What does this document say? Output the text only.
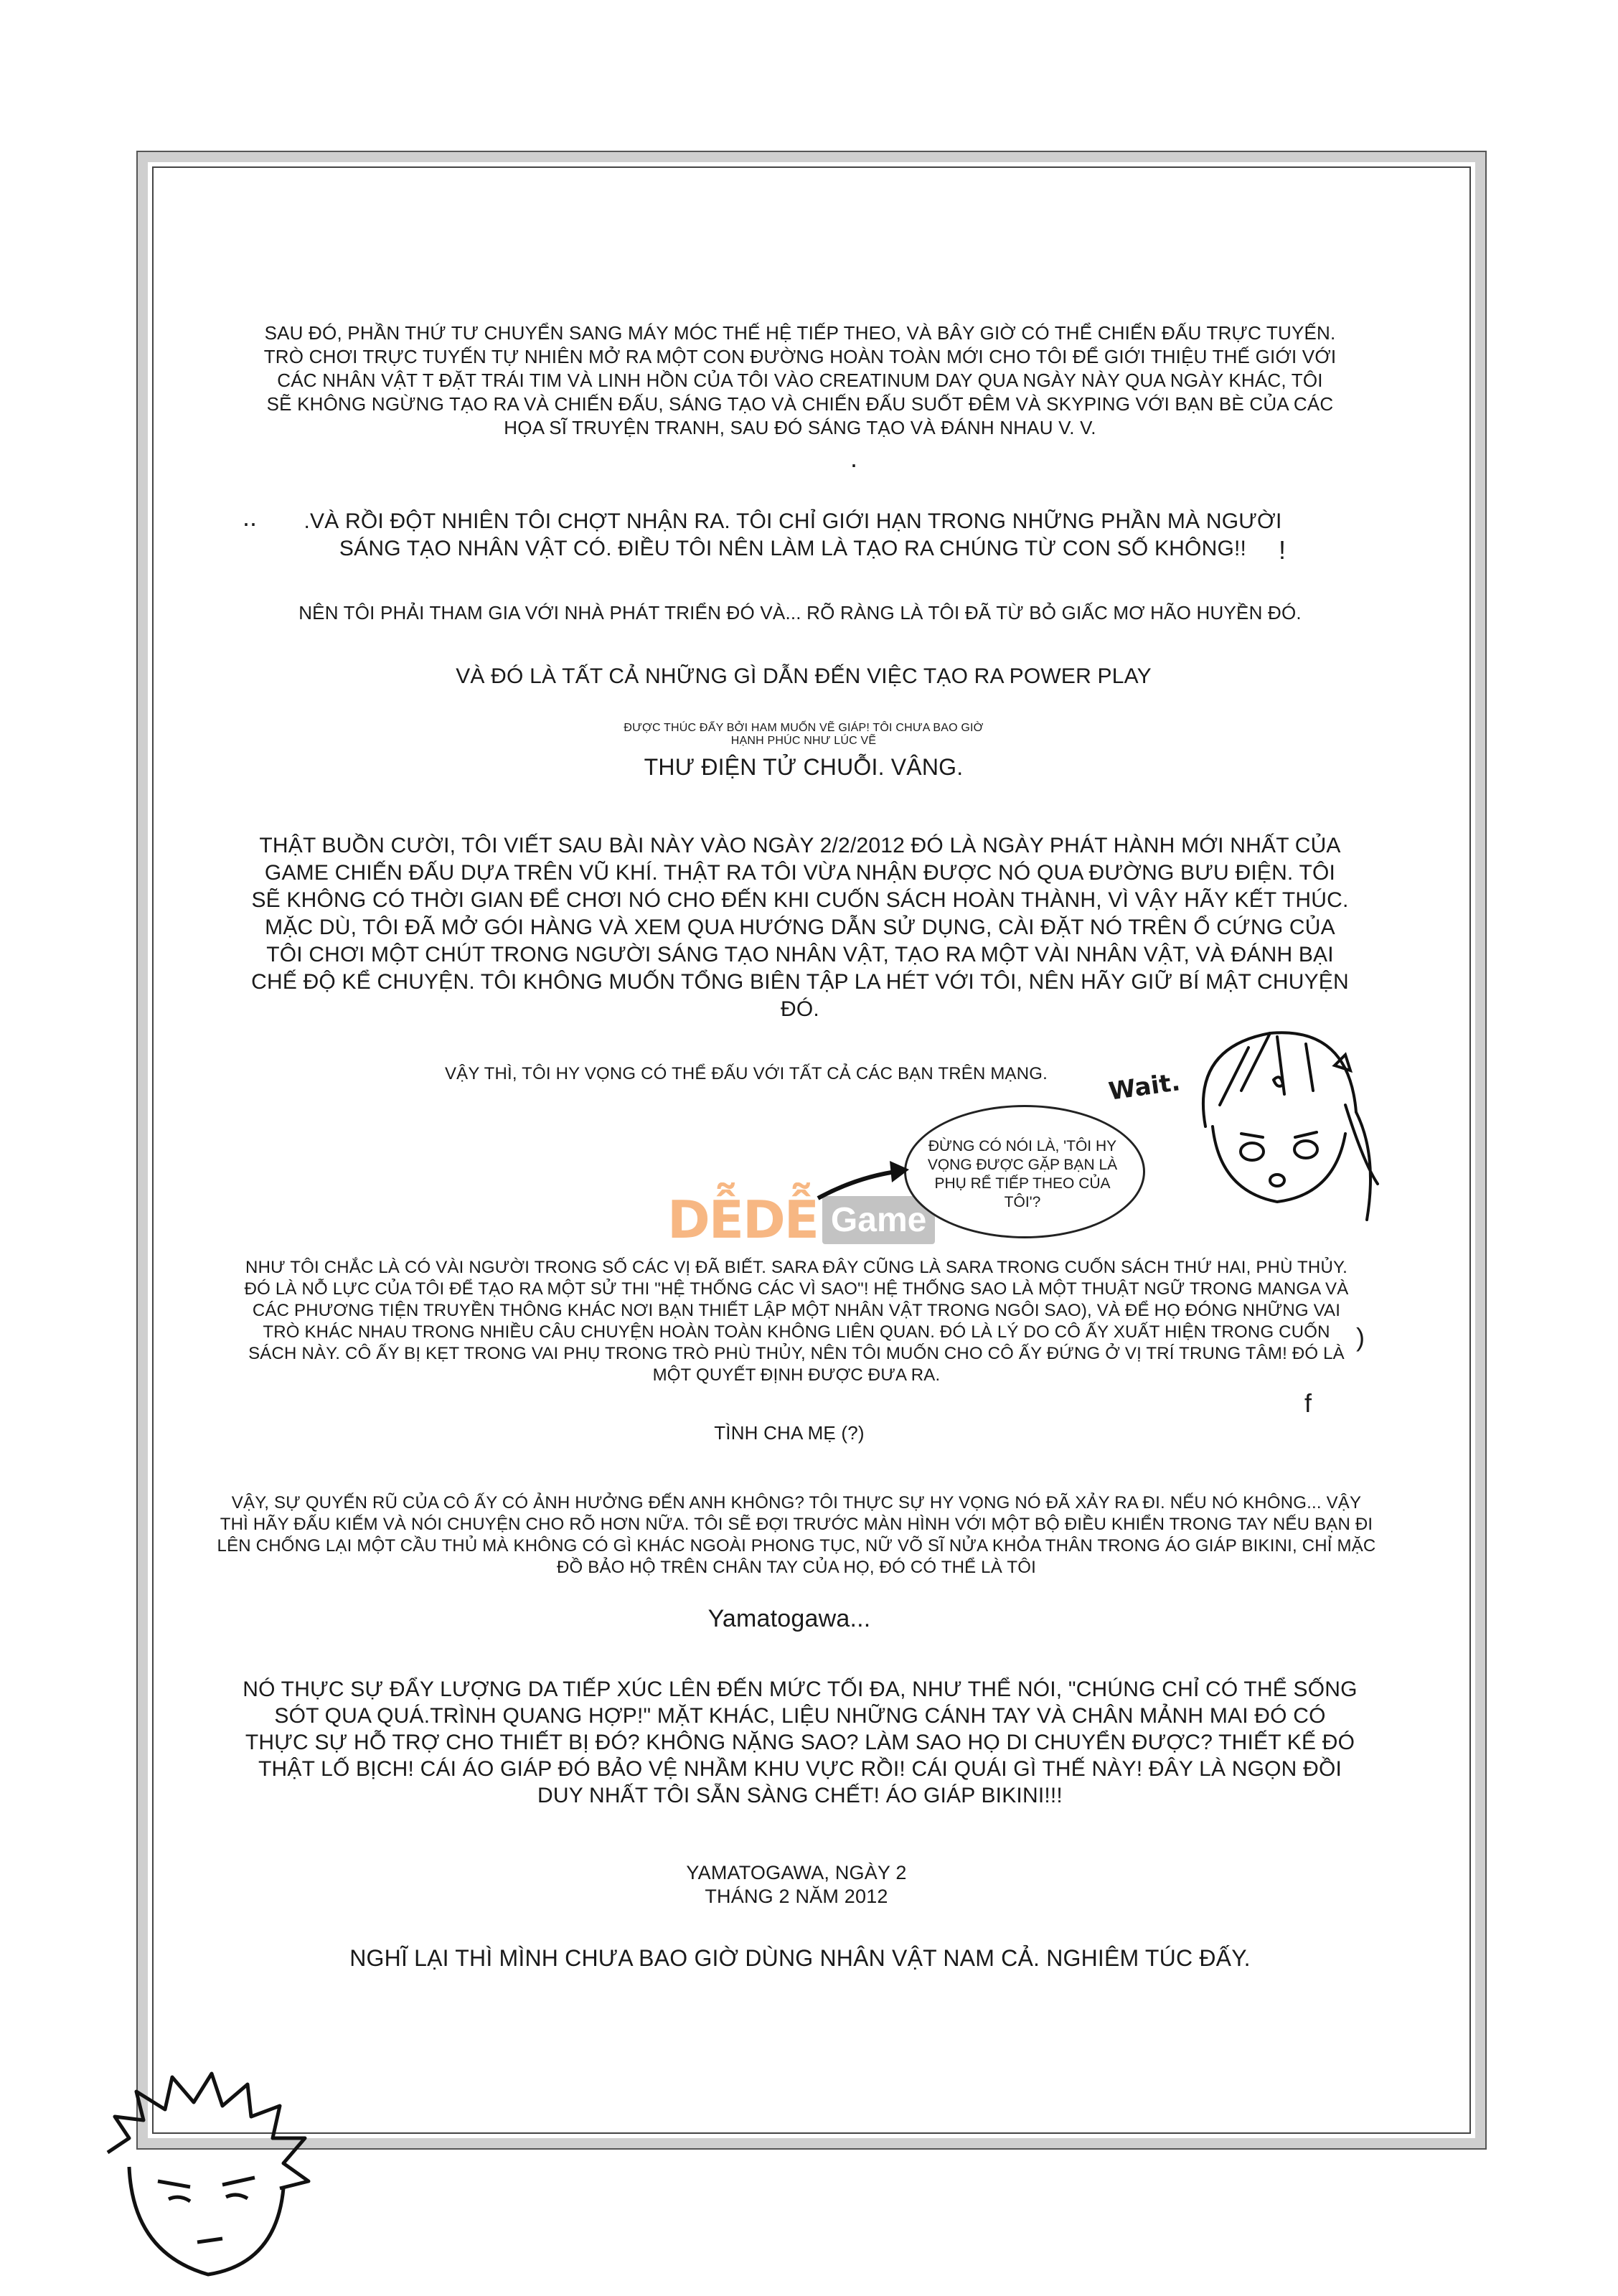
SAU ĐÓ, PHẦN THỨ TƯ CHUYỂN SANG MÁY MÓC THẾ HỆ TIẾP THEO, VÀ BÂY GIỜ CÓ THỂ CHIẾN ĐẤU TRỰC TUYẾN.
TRÒ CHƠI TRỰC TUYẾN TỰ NHIÊN MỞ RA MỘT CON ĐƯỜNG HOÀN TOÀN MỚI CHO TÔI ĐỂ GIỚI THIỆU THẾ GIỚI VỚI
CÁC NHÂN VẬT T ĐẶT TRÁI TIM VÀ LINH HỒN CỦA TÔI VÀO CREATINUM DAY QUA NGÀY NÀY QUA NGÀY KHÁC, TÔI
SẼ KHÔNG NGỪNG TẠO RA VÀ CHIẾN ĐẤU, SÁNG TẠO VÀ CHIẾN ĐẤU SUỐT ĐÊM VÀ SKYPING VỚI BẠN BÈ CỦA CÁC
HỌA SĨ TRUYỆN TRANH, SAU ĐÓ SÁNG TẠO VÀ ĐÁNH NHAU V. V.
.VÀ RỒI ĐỘT NHIÊN TÔI CHỢT NHẬN RA. TÔI CHỈ GIỚI HẠN TRONG NHỮNG PHẦN MÀ NGƯỜI
SÁNG TẠO NHÂN VẬT CÓ. ĐIỀU TÔI NÊN LÀM LÀ TẠO RA CHÚNG TỪ CON SỐ KHÔNG!!
NÊN TÔI PHẢI THAM GIA VỚI NHÀ PHÁT TRIỂN ĐÓ VÀ... RÕ RÀNG LÀ TÔI ĐÃ TỪ BỎ GIẤC MƠ HÃO HUYỀN ĐÓ.
VÀ ĐÓ LÀ TẤT CẢ NHỮNG GÌ DẪN ĐẾN VIỆC TẠO RA POWER PLAY
ĐƯỢC THÚC ĐẨY BỞI HAM MUỐN VẼ GIÁP! TÔI CHƯA BAO GIỜ
HẠNH PHÚC NHƯ LÚC VẼ
THƯ ĐIỆN TỬ CHUỖI. VÂNG.
THẬT BUỒN CƯỜI, TÔI VIẾT SAU BÀI NÀY VÀO NGÀY 2/2/2012 ĐÓ LÀ NGÀY PHÁT HÀNH MỚI NHẤT CỦA
GAME CHIẾN ĐẤU DỰA TRÊN VŨ KHÍ. THẬT RA TÔI VỪA NHẬN ĐƯỢC NÓ QUA ĐƯỜNG BƯU ĐIỆN. TÔI
SẼ KHÔNG CÓ THỜI GIAN ĐỂ CHƠI NÓ CHO ĐẾN KHI CUỐN SÁCH HOÀN THÀNH, VÌ VẬY HÃY KẾT THÚC.
MẶC DÙ, TÔI ĐÃ MỞ GÓI HÀNG VÀ XEM QUA HƯỚNG DẪN SỬ DỤNG, CÀI ĐẶT NÓ TRÊN Ổ CỨNG CỦA
TÔI CHƠI MỘT CHÚT TRONG NGƯỜI SÁNG TẠO NHÂN VẬT, TẠO RA MỘT VÀI NHÂN VẬT, VÀ ĐÁNH BẠI
CHẾ ĐỘ KỂ CHUYỆN. TÔI KHÔNG MUỐN TỔNG BIÊN TẬP LA HÉT VỚI TÔI, NÊN HÃY GIỮ BÍ MẬT CHUYỆN
ĐÓ.
VẬY THÌ, TÔI HY VỌNG CÓ THỂ ĐẤU VỚI TẤT CẢ CÁC BẠN TRÊN MẠNG.
DỄDỄ Game
ĐỪNG CÓ NÓI LÀ, 'TÔI HY
VỌNG ĐƯỢC GẶP BẠN LÀ
PHỤ RỂ TIẾP THEO CỦA TÔI'?
Wait.
NHƯ TÔI CHẮC LÀ CÓ VÀI NGƯỜI TRONG SỐ CÁC VỊ ĐÃ BIẾT. SARA ĐÂY CŨNG LÀ SARA TRONG CUỐN SÁCH THỨ HAI, PHÙ THỦY.
ĐÓ LÀ NỖ LỰC CỦA TÔI ĐỂ TẠO RA MỘT SỬ THI "HỆ THỐNG CÁC VÌ SAO"! HỆ THỐNG SAO LÀ MỘT THUẬT NGỮ TRONG MANGA VÀ
CÁC PHƯƠNG TIỆN TRUYỀN THÔNG KHÁC NƠI BẠN THIẾT LẬP MỘT NHÂN VẬT TRONG NGÔI SAO), VÀ ĐỂ HỌ ĐÓNG NHỮNG VAI
TRÒ KHÁC NHAU TRONG NHIỀU CÂU CHUYỆN HOÀN TOÀN KHÔNG LIÊN QUAN. ĐÓ LÀ LÝ DO CÔ ẤY XUẤT HIỆN TRONG CUỐN
SÁCH NÀY. CÔ ẤY BỊ KẸT TRONG VAI PHỤ TRONG TRÒ PHÙ THỦY, NÊN TÔI MUỐN CHO CÔ ẤY ĐỨNG Ở VỊ TRÍ TRUNG TÂM! ĐÓ LÀ
MỘT QUYẾT ĐỊNH ĐƯỢC ĐƯA RA.
TÌNH CHA MẸ (?)
VẬY, SỰ QUYẾN RŨ CỦA CÔ ẤY CÓ ẢNH HƯỞNG ĐẾN ANH KHÔNG? TÔI THỰC SỰ HY VỌNG NÓ ĐÃ XẢY RA ĐI. NẾU NÓ KHÔNG... VẬY
THÌ HÃY ĐẤU KIẾM VÀ NÓI CHUYỆN CHO RÕ HƠN NỮA. TÔI SẼ ĐỢI TRƯỚC MÀN HÌNH VỚI MỘT BỘ ĐIỀU KHIỂN TRONG TAY NẾU BẠN ĐI
LÊN CHỐNG LẠI MỘT CẦU THỦ MÀ KHÔNG CÓ GÌ KHÁC NGOÀI PHONG TỤC, NỮ VÕ SĨ NỬA KHỎA THÂN TRONG ÁO GIÁP BIKINI, CHỈ MẶC
ĐỒ BẢO HỘ TRÊN CHÂN TAY CỦA HỌ, ĐÓ CÓ THỂ LÀ TÔI
Yamatogawa...
NÓ THỰC SỰ ĐẨY LƯỢNG DA TIẾP XÚC LÊN ĐẾN MỨC TỐI ĐA, NHƯ THỂ NÓI, "CHÚNG CHỈ CÓ THỂ SỐNG
SÓT QUA QUÁ.TRÌNH QUANG HỢP!" MẶT KHÁC, LIỆU NHỮNG CÁNH TAY VÀ CHÂN MẢNH MAI ĐÓ CÓ
THỰC SỰ HỖ TRỢ CHO THIẾT BỊ ĐÓ? KHÔNG NẶNG SAO? LÀM SAO HỌ DI CHUYỂN ĐƯỢC? THIẾT KẾ ĐÓ
THẬT LỐ BỊCH! CÁI ÁO GIÁP ĐÓ BẢO VỆ NHẦM KHU VỰC RỒI! CÁI QUÁI GÌ THẾ NÀY! ĐÂY LÀ NGỌN ĐỒI
DUY NHẤT TÔI SẴN SÀNG CHẾT! ÁO GIÁP BIKINI!!!
YAMATOGAWA, NGÀY 2
THÁNG 2 NĂM 2012
NGHĨ LẠI THÌ MÌNH CHƯA BAO GIỜ DÙNG NHÂN VẬT NAM CẢ. NGHIÊM TÚC ĐẤY.
..
!
.
)
f
